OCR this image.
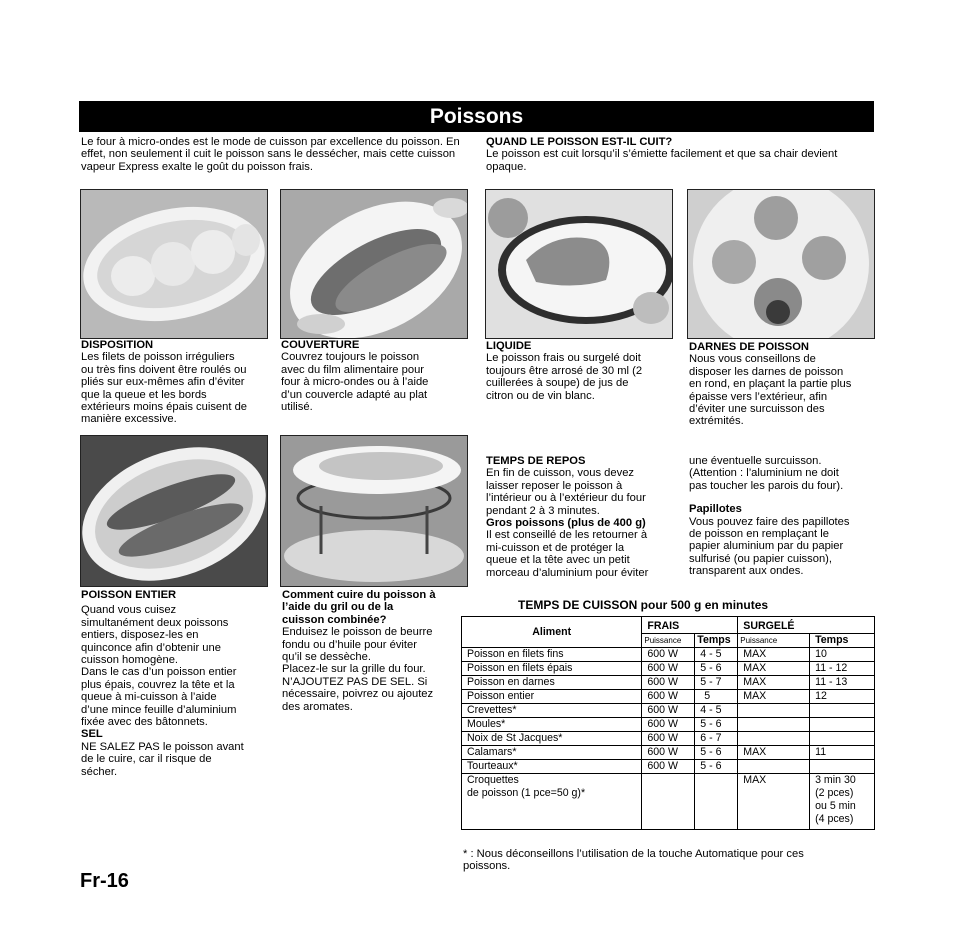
Poissons
Le four à micro-ondes est le mode de cuisson par excellence du poisson. En effet, non seulement il cuit le poisson sans le dessécher, mais cette cuisson vapeur Express exalte le goût du poisson frais.
QUAND LE POISSON EST-IL CUIT?
Le poisson est cuit lorsqu’il s’émiette facilement et que sa chair devient opaque.
DISPOSITION
Les filets de poisson irréguliers
ou très fins doivent être roulés ou
pliés sur eux-mêmes afin d’éviter
que la queue et les bords
extérieurs moins épais cuisent de
manière excessive.
COUVERTURE
Couvrez toujours le poisson
avec du film alimentaire pour
four à micro-ondes ou à l’aide
d’un couvercle adapté au plat
utilisé.
LIQUIDE
Le poisson frais ou surgelé doit
toujours être arrosé de 30 ml (2
cuillerées à soupe) de jus de
citron ou de vin blanc.
DARNES DE POISSON
Nous vous conseillons de
disposer les darnes de poisson
en rond, en plaçant la partie plus
épaisse vers l’extérieur, afin
d’éviter une surcuisson des
extrémités.
POISSON ENTIER
Quand vous cuisez
simultanément deux poissons
entiers, disposez-les en
quinconce afin d’obtenir une
cuisson homogène.
Dans le cas d’un poisson entier
plus épais, couvrez la tête et la
queue à mi-cuisson à l’aide
d’une mince feuille d’aluminium
fixée avec des bâtonnets.
SEL
NE SALEZ PAS le poisson avant
de le cuire, car il risque de
sécher.
Comment cuire du poisson à
l’aide du gril ou de la
cuisson combinée?
Enduisez le poisson de beurre
fondu ou d’huile pour éviter
qu’il se dessèche.
Placez-le sur la grille du four.
N’AJOUTEZ PAS DE SEL. Si
nécessaire, poivrez ou ajoutez
des aromates.
TEMPS DE REPOS
En fin de cuisson, vous devez
laisser reposer le poisson à
l’intérieur ou à l’extérieur du four
pendant 2 à 3 minutes.
Gros poissons (plus de 400 g)
Il est conseillé de les retourner à
mi-cuisson et de protéger la
queue et la tête avec un petit
morceau d’aluminium pour éviter
une éventuelle surcuisson.
(Attention : l’aluminium ne doit
pas toucher les parois du four).
Papillotes
Vous pouvez faire des papillotes
de poisson en remplaçant le
papier aluminium par du papier
sulfurisé (ou papier cuisson),
transparent aux ondes.
TEMPS DE CUISSON pour 500 g en minutes
Aliment	FRAIS		SURGELÉ	
	Puissance	Temps	Puissance	Temps
Poisson en filets fins	600 W	4 - 5	MAX	10
Poisson en filets épais	600 W	5 - 6	MAX	11 - 12
Poisson en darnes	600 W	5 - 7	MAX	11 - 13
Poisson entier	600 W	5	MAX	12
Crevettes*	600 W	4 - 5		
Moules*	600 W	5 - 6		
Noix de St Jacques*	600 W	6 - 7		
Calamars*	600 W	5 - 6	MAX	11
Tourteaux*	600 W	5 - 6		
Croquettes
de poisson (1 pce=50 g)*			MAX	3 min 30
(2 pces)
ou 5 min
(4 pces)
* : Nous déconseillons l’utilisation de la touche Automatique pour ces
poissons.
Fr-16
